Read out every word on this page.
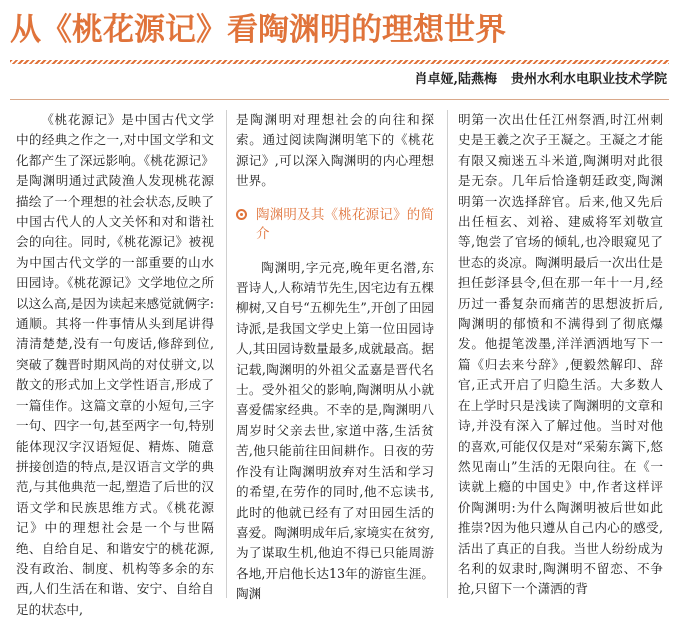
从《桃花源记》看陶渊明的理想世界
肖卓娅,陆燕梅 贵州水利水电职业技术学院

《桃花源记》是中国古代文学中的经典之作之一,对中国文学和文化都产生了深远影响。《桃花源记》是陶渊明通过武陵渔人发现桃花源描绘了一个理想的社会状态,反映了中国古代人的人文关怀和对和谐社会的向往。同时,《桃花源记》被视为中国古代文学的一部重要的山水田园诗。《桃花源记》文学地位之所以这么高,是因为读起来感觉就俩字:通顺。其将一件事情从头到尾讲得清清楚楚,没有一句废话,修辞到位,突破了魏晋时期风尚的对仗骈文,以散文的形式加上文学性语言,形成了一篇佳作。这篇文章的小短句,三字一句、四字一句,甚至两字一句,特别能体现汉字汉语短促、精炼、随意拼接创造的特点,是汉语言文学的典范,与其他典范一起,塑造了后世的汉语文学和民族思维方式。《桃花源记》中的理想社会是一个与世隔绝、自给自足、和谐安宁的桃花源,没有政治、制度、机构等多余的东西,人们生活在和谐、安宁、自给自足的状态中,

是陶渊明对理想社会的向往和探索。通过阅读陶渊明笔下的《桃花源记》,可以深入陶渊明的内心理想世界。

陶渊明及其《桃花源记》的简介

陶渊明,字元亮,晚年更名潜,东晋诗人,人称靖节先生,因宅边有五棵柳树,又自号“五柳先生”,开创了田园诗派,是我国文学史上第一位田园诗人,其田园诗数量最多,成就最高。据记载,陶渊明的外祖父孟嘉是晋代名士。受外祖父的影响,陶渊明从小就喜爱儒家经典。不幸的是,陶渊明八周岁时父亲去世,家道中落,生活贫苦,他只能前往田间耕作。日夜的劳作没有让陶渊明放弃对生活和学习的希望,在劳作的同时,他不忘读书,此时的他就已经有了对田园生活的喜爱。陶渊明成年后,家境实在贫穷,为了谋取生机,他迫不得已只能周游各地,开启他长达13年的游宦生涯。陶渊

明第一次出仕任江州祭酒,时江州刺史是王羲之次子王凝之。王凝之才能有限又痴迷五斗米道,陶渊明对此很是无奈。几年后恰逢朝廷政变,陶渊明第一次选择辞官。后来,他又先后出任桓玄、刘裕、建威将军刘敬宣等,饱尝了官场的倾轧,也冷眼窥见了世态的炎凉。陶渊明最后一次出仕是担任彭泽县令,但在那一年十一月,经历过一番复杂而痛苦的思想波折后,陶渊明的郁愤和不满得到了彻底爆发。他提笔泼墨,洋洋洒洒地写下一篇《归去来兮辞》,便毅然解印、辞官,正式开启了归隐生活。大多数人在上学时只是浅读了陶渊明的文章和诗,并没有深入了解过他。当时对他的喜欢,可能仅仅是对“采菊东篱下,悠然见南山”生活的无限向往。在《一读就上瘾的中国史》中,作者这样评价陶渊明:为什么陶渊明被后世如此推崇?因为他只遵从自己内心的感受,活出了真正的自我。当世人纷纷成为名利的奴隶时,陶渊明不留恋、不争抢,只留下一个潇洒的背
